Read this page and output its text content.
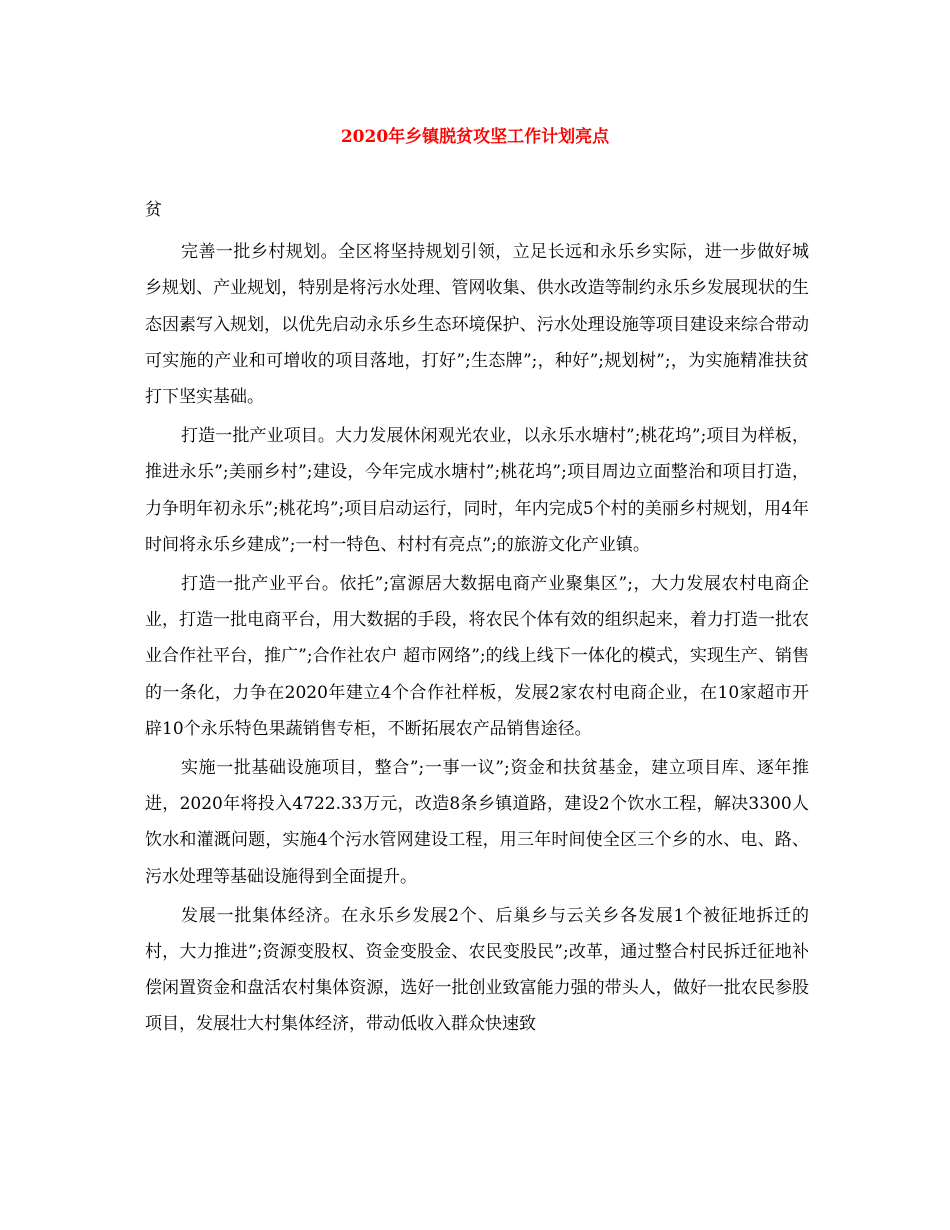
2020年乡镇脱贫攻坚工作计划亮点

贫

完善一批乡村规划。全区将坚持规划引领，立足长远和永乐乡实际，进一步做好城乡规划、产业规划，特别是将污水处理、管网收集、供水改造等制约永乐乡发展现状的生态因素写入规划，以优先启动永乐乡生态环境保护、污水处理设施等项目建设来综合带动可实施的产业和可增收的项目落地，打好”;生态牌”;，种好”;规划树”;，为实施精准扶贫打下坚实基础。

打造一批产业项目。大力发展休闲观光农业，以永乐水塘村”;桃花坞”;项目为样板，推进永乐”;美丽乡村”;建设，今年完成水塘村”;桃花坞”;项目周边立面整治和项目打造，力争明年初永乐”;桃花坞”;项目启动运行，同时，年内完成5个村的美丽乡村规划，用4年时间将永乐乡建成”;一村一特色、村村有亮点”;的旅游文化产业镇。

打造一批产业平台。依托”;富源居大数据电商产业聚集区”;，大力发展农村电商企业，打造一批电商平台，用大数据的手段，将农民个体有效的组织起来，着力打造一批农业合作社平台，推广”;合作社农户 超市网络”;的线上线下一体化的模式，实现生产、销售的一条化，力争在2020年建立4个合作社样板，发展2家农村电商企业，在10家超市开辟10个永乐特色果蔬销售专柜，不断拓展农产品销售途径。

实施一批基础设施项目，整合”;一事一议”;资金和扶贫基金，建立项目库、逐年推进，2020年将投入4722.33万元，改造8条乡镇道路，建设2个饮水工程，解决3300人饮水和灌溉问题，实施4个污水管网建设工程，用三年时间使全区三个乡的水、电、路、污水处理等基础设施得到全面提升。

发展一批集体经济。在永乐乡发展2个、后巢乡与云关乡各发展1个被征地拆迁的村，大力推进”;资源变股权、资金变股金、农民变股民”;改革，通过整合村民拆迁征地补偿闲置资金和盘活农村集体资源，选好一批创业致富能力强的带头人，做好一批农民参股项目，发展壮大村集体经济，带动低收入群众快速致
